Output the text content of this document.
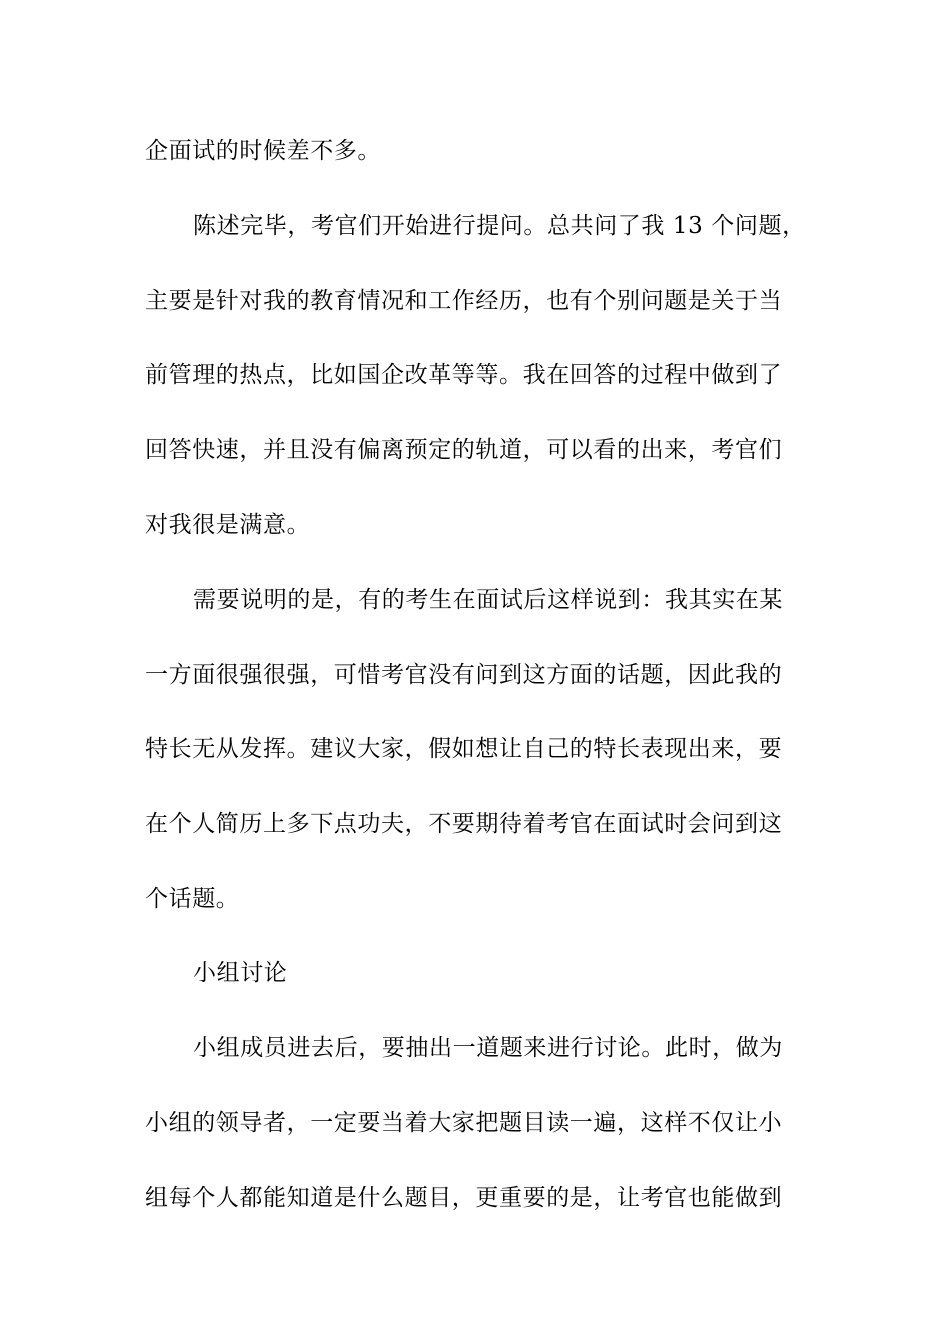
企面试的时候差不多。
陈述完毕，考官们开始进行提问。总共问了我 13 个问题，
主要是针对我的教育情况和工作经历，也有个别问题是关于当
前管理的热点，比如国企改革等等。我在回答的过程中做到了
回答快速，并且没有偏离预定的轨道，可以看的出来，考官们
对我很是满意。
需要说明的是，有的考生在面试后这样说到：我其实在某
一方面很强很强，可惜考官没有问到这方面的话题，因此我的
特长无从发挥。建议大家，假如想让自己的特长表现出来，要
在个人简历上多下点功夫，不要期待着考官在面试时会问到这
个话题。
小组讨论
小组成员进去后，要抽出一道题来进行讨论。此时，做为
小组的领导者，一定要当着大家把题目读一遍，这样不仅让小
组每个人都能知道是什么题目，更重要的是，让考官也能做到
